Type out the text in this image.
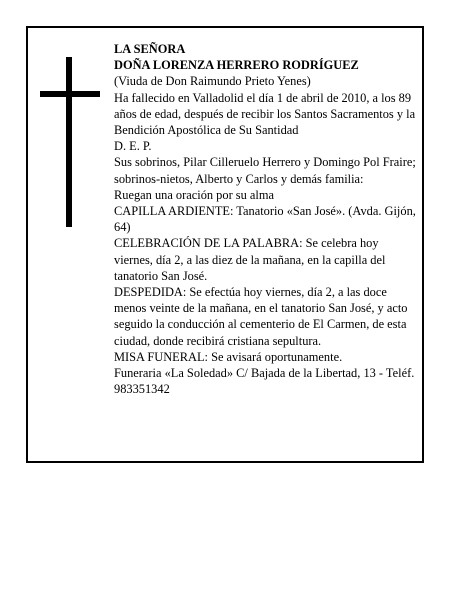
LA SEÑORA

DOÑA LORENZA HERRERO RODRÍGUEZ

(Viuda de Don Raimundo Prieto Yenes)

Ha fallecido en Valladolid el día 1 de abril de 2010, a los 89 años de edad, después de recibir los Santos Sacramentos y la Bendición Apostólica de Su Santidad

D. E. P.

Sus sobrinos, Pilar Cilleruelo Herrero y Domingo Pol Fraire; sobrinos-nietos, Alberto y Carlos y demás familia:

Ruegan una oración por su alma

CAPILLA ARDIENTE: Tanatorio «San José». (Avda. Gijón, 64)

CELEBRACIÓN DE LA PALABRA: Se celebra hoy viernes, día 2, a las diez de la mañana, en la capilla del tanatorio San José.

DESPEDIDA: Se efectúa hoy viernes, día 2, a las doce menos veinte de la mañana, en el tanatorio San José, y acto seguido la conducción al cementerio de El Carmen, de esta ciudad, donde recibirá cristiana sepultura.

MISA FUNERAL: Se avisará oportunamente.

Funeraria «La Soledad» C/ Bajada de la Libertad, 13 - Teléf. 983351342
